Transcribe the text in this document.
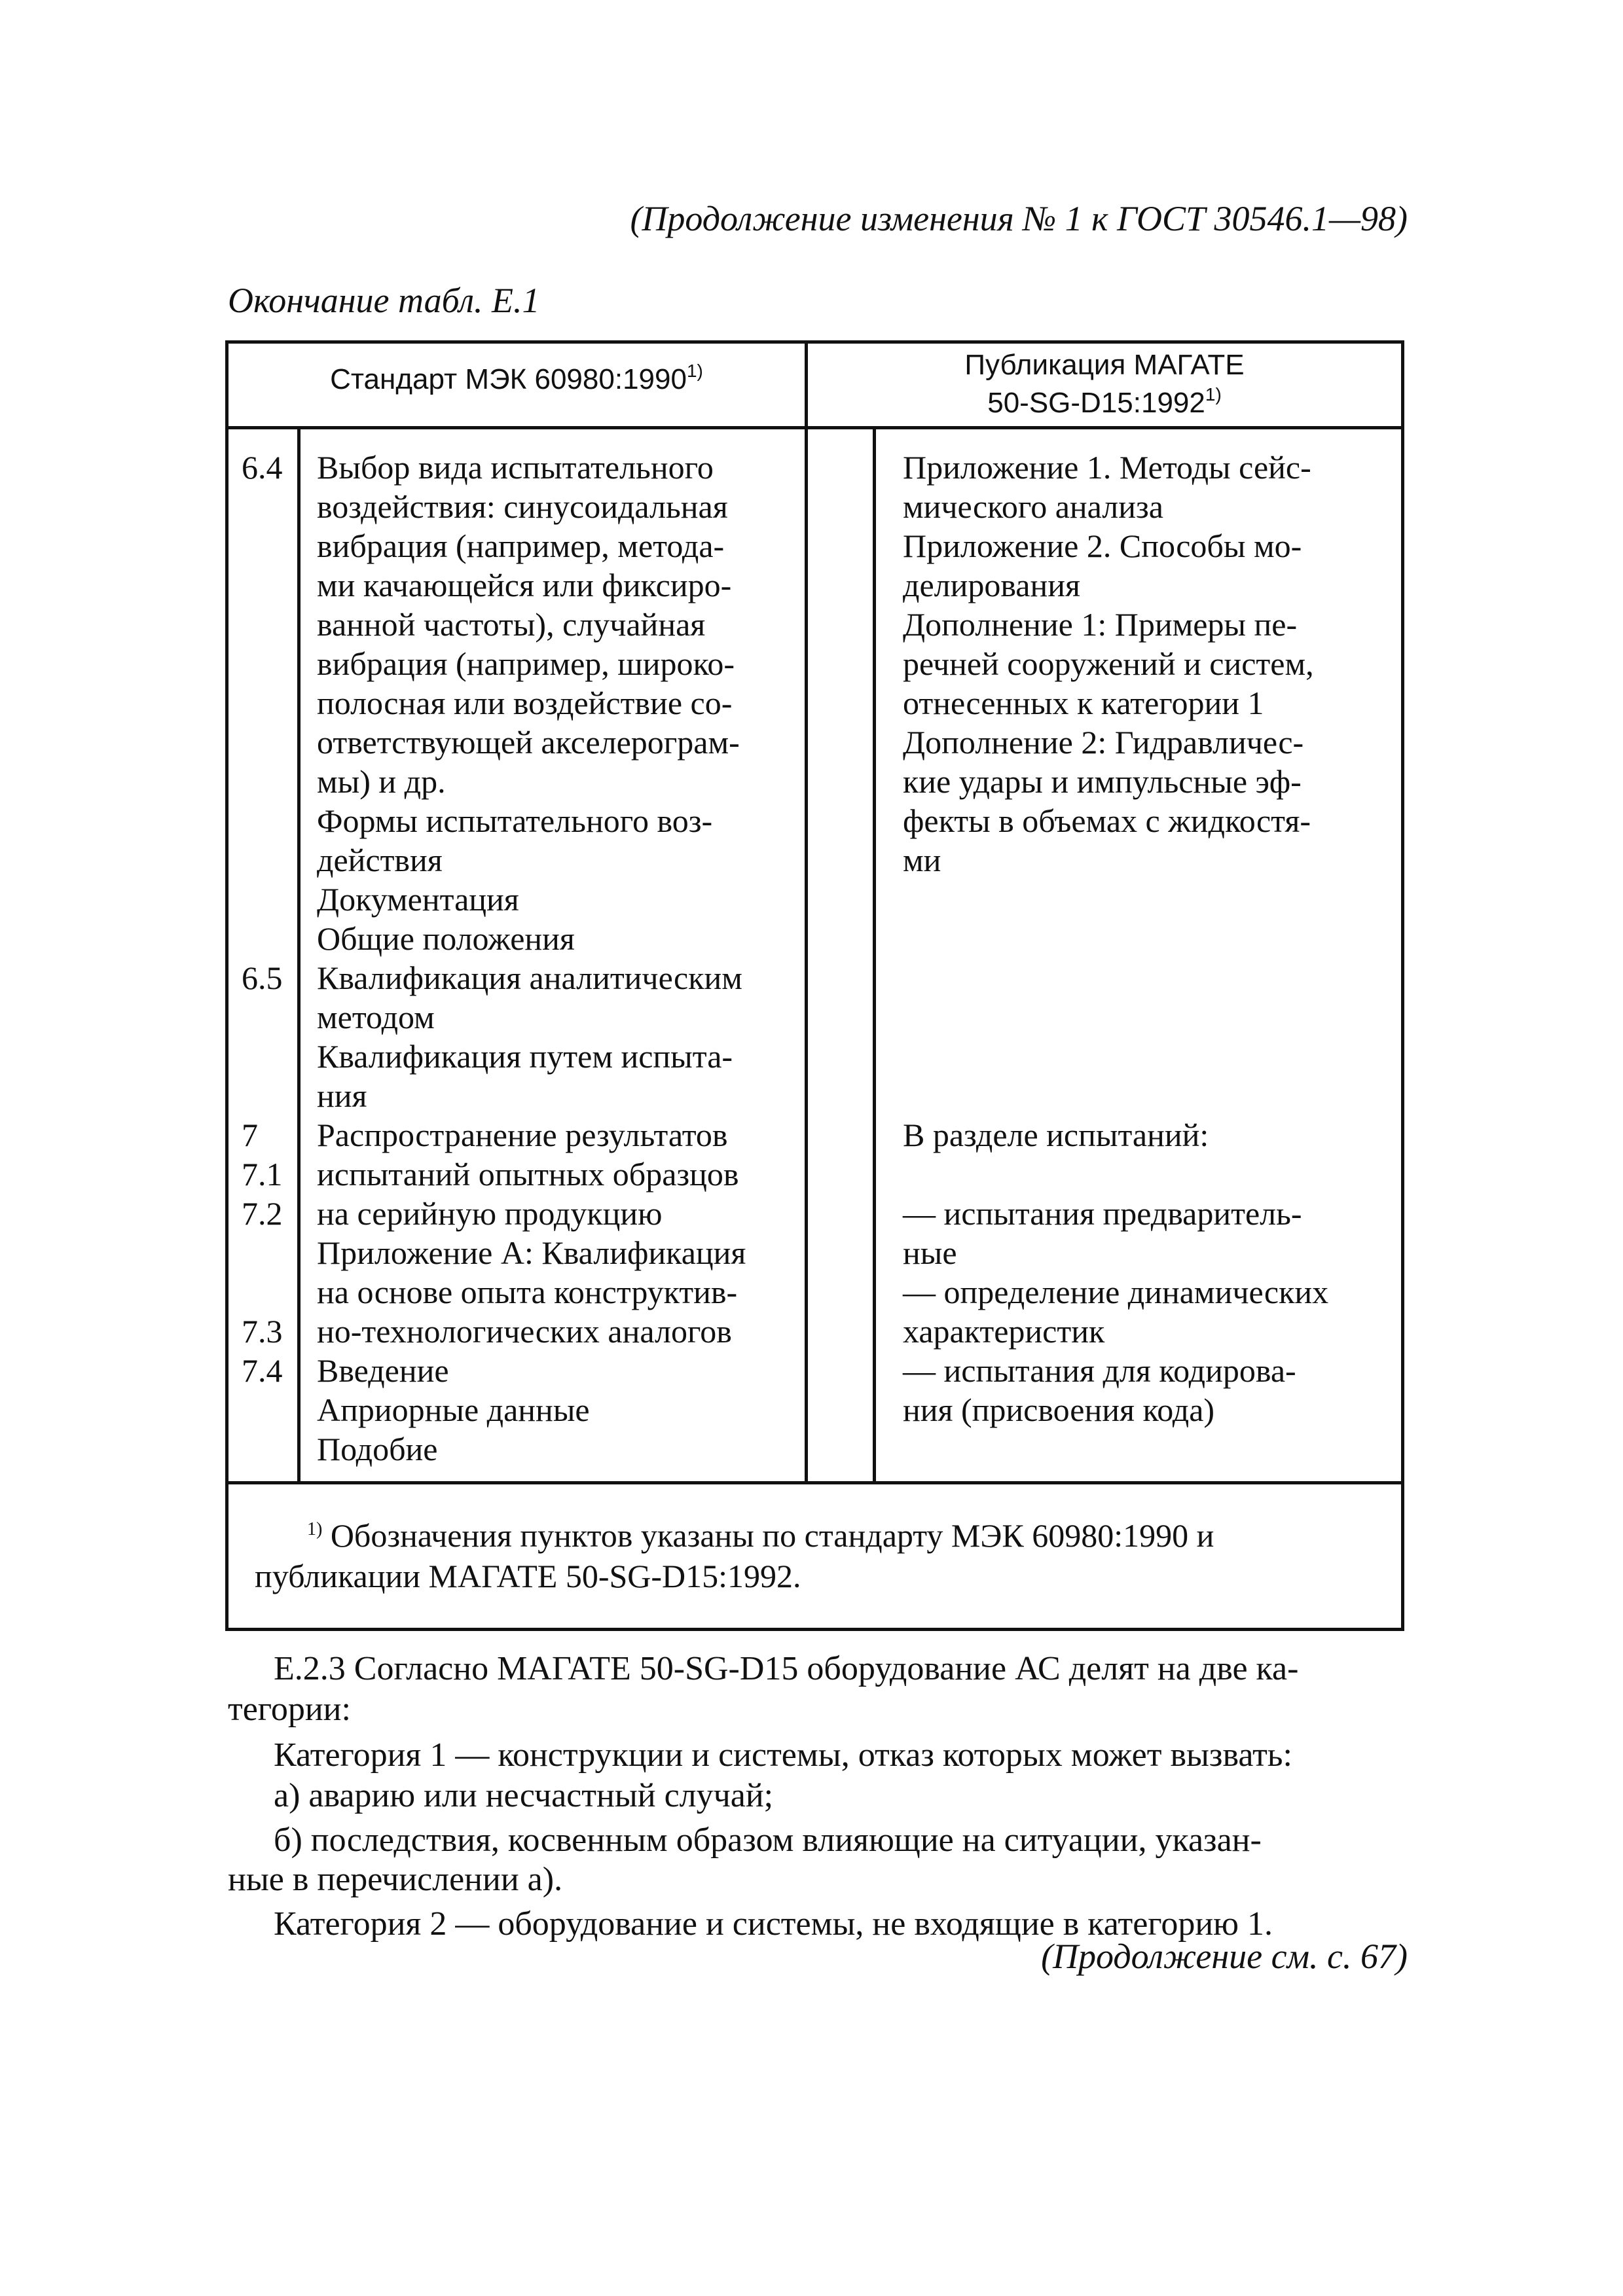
(Продолжение изменения № 1 к ГОСТ 30546.1—98)
Окончание табл. Е.1
Стандарт МЭК 60980:1990$^{1)}$	Публикация МАГАТЕ
50-SG-D15:1992$^{1)}$
6.4
6.5
7
7.1
7.2
7.3
7.4
Выбор вида испытательного
воздействия: синусоидальная
вибрация (например, метода-
ми качающейся или фиксиро-
ванной частоты), случайная
вибрация (например, широко-
полосная или воздействие со-
ответствующей акселерограм-
мы) и др.
Формы испытательного воз-
действия
Документация
Общие положения
Квалификация аналитическим
методом
Квалификация путем испыта-
ния
Распространение результатов
испытаний опытных образцов
на серийную продукцию
Приложение А: Квалификация
на основе опыта конструктив-
но-технологических аналогов
Введение
Априорные данные
Подобие
Приложение 1. Методы сейс-
мического анализа
Приложение 2. Способы мо-
делирования
Дополнение 1: Примеры пе-
речней сооружений и систем,
отнесенных к категории 1
Дополнение 2: Гидравличес-
кие удары и импульсные эф-
фекты в объемах с жидкостя-
ми
В разделе испытаний:
— испытания предваритель-
ные
— определение динамических
характеристик
— испытания для кодирова-
ния (присвоения кода)
$^{1)}$ Обозначения пунктов указаны по стандарту МЭК 60980:1990 и
публикации МАГАТЕ 50-SG-D15:1992.
Е.2.3 Согласно МАГАТЕ 50-SG-D15 оборудование АС делят на две ка-
тегории:
Категория 1 — конструкции и системы, отказ которых может вызвать:
а) аварию или несчастный случай;
б) последствия, косвенным образом влияющие на ситуации, указан-
ные в перечислении а).
Категория 2 — оборудование и системы, не входящие в категорию 1.
(Продолжение см. с. 67)
